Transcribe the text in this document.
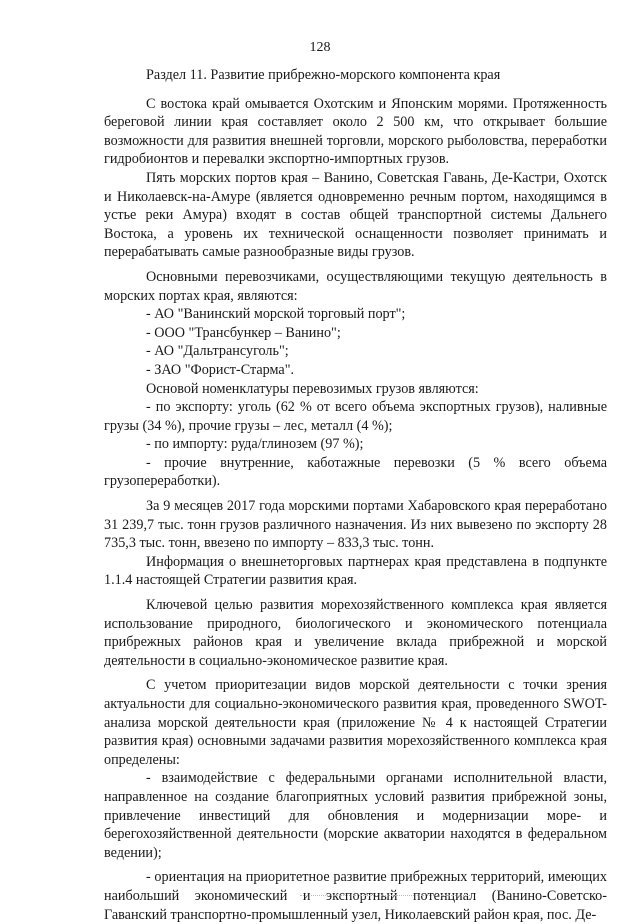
128

Раздел 11. Развитие прибрежно-морского компонента края

С востока край омывается Охотским и Японским морями. Протяженность береговой линии края составляет около 2 500 км, что открывает большие возможности для развития внешней торговли, морского рыболовства, переработки гидробионтов и перевалки экспортно-импортных грузов.

Пять морских портов края – Ванино, Советская Гавань, Де-Кастри, Охотск и Николаевск-на-Амуре (является одновременно речным портом, находящимся в устье реки Амура) входят в состав общей транспортной системы Дальнего Востока, а уровень их технической оснащенности позволяет принимать и перерабатывать самые разнообразные виды грузов.

Основными перевозчиками, осуществляющими текущую деятельность в морских портах края, являются:

- АО "Ванинский морской торговый порт";

- ООО "Трансбункер – Ванино";

- АО "Дальтрансуголь";

- ЗАО "Форист-Старма".

Основой номенклатуры перевозимых грузов являются:

- по экспорту: уголь (62 % от всего объема экспортных грузов), наливные грузы (34 %), прочие грузы – лес, металл (4 %);

- по импорту: руда/глинозем (97 %);

- прочие внутренние, каботажные перевозки (5 % всего объема грузопереработки).

За 9 месяцев 2017 года морскими портами Хабаровского края переработано 31 239,7 тыс. тонн грузов различного назначения. Из них вывезено по экспорту 28 735,3 тыс. тонн, ввезено по импорту – 833,3 тыс. тонн.

Информация о внешнеторговых партнерах края представлена в подпункте 1.1.4 настоящей Стратегии развития края.

Ключевой целью развития морехозяйственного комплекса края является использование природного, биологического и экономического потенциала прибрежных районов края и увеличение вклада прибрежной и морской деятельности в социально-экономическое развитие края.

С учетом приоритезации видов морской деятельности с точки зрения актуальности для социально-экономического развития края, проведенного SWOT-анализа морской деятельности края (приложение № 4 к настоящей Стратегии развития края) основными задачами развития морехозяйственного комплекса края определены:

- взаимодействие с федеральными органами исполнительной власти, направленное на создание благоприятных условий развития прибрежной зоны, привлечение инвестиций для обновления и модернизации море- и берегохозяйственной деятельности (морские акватории находятся в федеральном ведении);

- ориентация на приоритетное развитие прибрежных территорий, имеющих наибольший экономический и экспортный потенциал (Ванино-Советско-Гаванский транспортно-промышленный узел, Николаевский район края, пос. Де-
